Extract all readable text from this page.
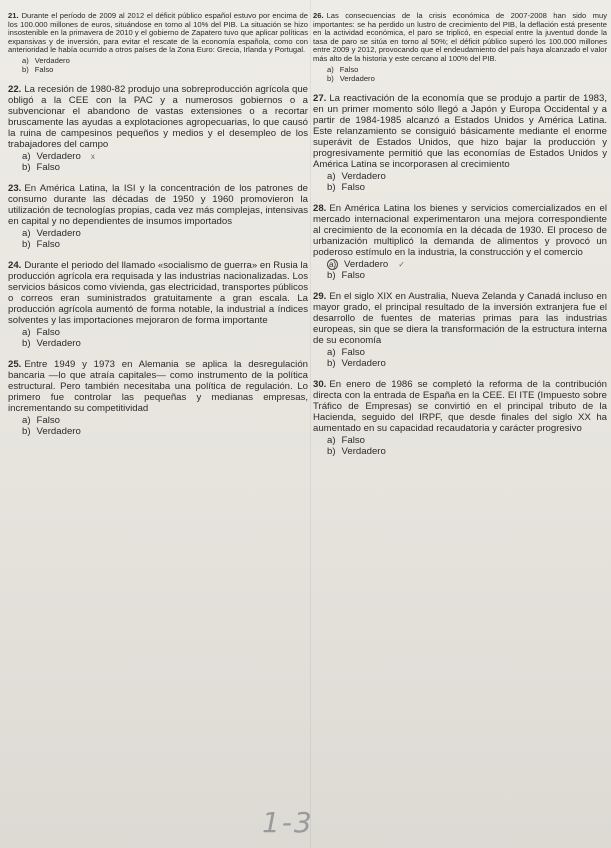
21. Durante el período de 2009 al 2012 el déficit público español estuvo por encima de los 100.000 millones de euros, situándose en torno al 10% del PIB. La situación se hizo insostenible en la primavera de 2010 y el gobierno de Zapatero tuvo que aplicar políticas expansivas y de inversión, para evitar el rescate de la economía española, como con anterioridad le había ocurrido a otros países de la Zona Euro: Grecia, Irlanda y Portugal.
a) Verdadero
b) Falso
22. La recesión de 1980-82 produjo una sobreproducción agrícola que obligó a la CEE con la PAC y a numerosos gobiernos o a subvencionar el abandono de vastas extensiones o a recortar bruscamente las ayudas a explotaciones agropecuarias, lo que causó la ruina de campesinos pequeños y medios y el desempleo de los trabajadores del campo
a) Verdadero x
b) Falso
23. En América Latina, la ISI y la concentración de los patrones de consumo durante las décadas de 1950 y 1960 promovieron la utilización de tecnologías propias, cada vez más complejas, intensivas en capital y no dependientes de insumos importados
a) Verdadero
b) Falso
24. Durante el periodo del llamado «socialismo de guerra» en Rusia la producción agrícola era requisada y las industrias nacionalizadas. Los servicios básicos como vivienda, gas electricidad, transportes públicos o correos eran suministrados gratuitamente a gran escala. La producción agrícola aumentó de forma notable, la industrial a índices solventes y las importaciones mejoraron de forma importante
a) Falso
b) Verdadero
25. Entre 1949 y 1973 en Alemania se aplica la desregulación bancaria —lo que atraía capitales— como instrumento de la política estructural. Pero también necesitaba una política de regulación. Lo primero fue controlar las pequeñas y medianas empresas, incrementando su competitividad
a) Falso
b) Verdadero
26. Las consecuencias de la crisis económica de 2007-2008 han sido muy importantes: se ha perdido un lustro de crecimiento del PIB, la deflación está presente en la actividad económica, el paro se triplicó, en especial entre la juventud donde la tasa de paro se sitúa en torno al 50%; el déficit público superó los 100.000 millones entre 2009 y 2012, provocando que el endeudamiento del país haya alcanzado el valor más alto de la historia y este cercano al 100% del PIB.
a) Falso
b) Verdadero
27. La reactivación de la economía que se produjo a partir de 1983, en un primer momento sólo llegó a Japón y Europa Occidental y a partir de 1984-1985 alcanzó a Estados Unidos y América Latina. Este relanzamiento se consiguió básicamente mediante el enorme superávit de Estados Unidos, que hizo bajar la producción y progresivamente permitió que las economías de Estados Unidos y América Latina se incorporasen al crecimiento
a) Verdadero
b) Falso
28. En América Latina los bienes y servicios comercializados en el mercado internacional experimentaron una mejora correspondiente al crecimiento de la economía en la década de 1930. El proceso de urbanización multiplicó la demanda de alimentos y provocó un poderoso estímulo en la industria, la construcción y el comercio
a) Verdadero ✓
b) Falso
29. En el siglo XIX en Australia, Nueva Zelanda y Canadá incluso en mayor grado, el principal resultado de la inversión extranjera fue el desarrollo de fuentes de materias primas para las industrias europeas, sin que se diera la transformación de la estructura interna de su economía
a) Falso
b) Verdadero
30. En enero de 1986 se completó la reforma de la contribución directa con la entrada de España en la CEE. El ITE (Impuesto sobre Tráfico de Empresas) se convirtió en el principal tributo de la Hacienda, seguido del IRPF, que desde finales del siglo XX ha aumentado en su capacidad recaudatoria y carácter progresivo
a) Falso
b) Verdadero
1-3
